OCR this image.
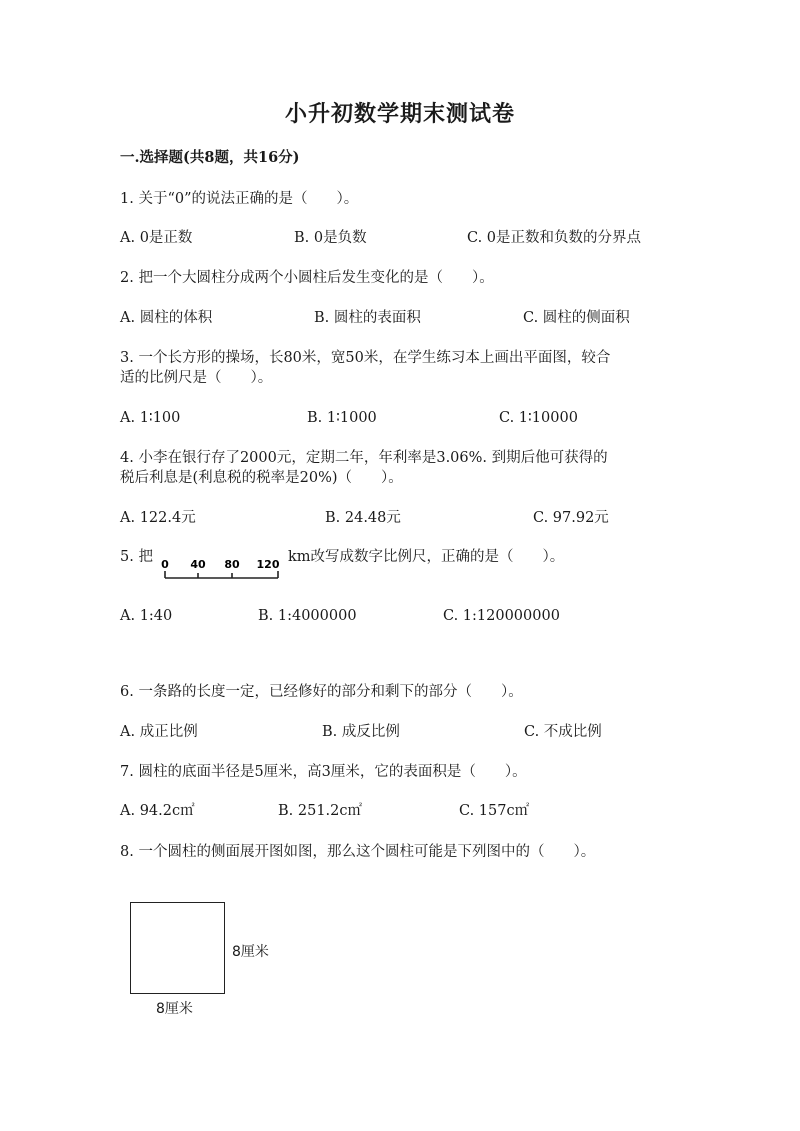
小升初数学期末测试卷
一.选择题(共8题，共16分)
1. 关于“0”的说法正确的是（　　）。
A. 0是正数	B. 0是负数	C. 0是正数和负数的分界点
2. 把一个大圆柱分成两个小圆柱后发生变化的是（　　）。
A. 圆柱的体积	B. 圆柱的表面积	C. 圆柱的侧面积
3. 一个长方形的操场，长80米，宽50米，在学生练习本上画出平面图，较合
适的比例尺是（　　）。
A. 1∶100	B. 1∶1000	C. 1∶10000
4. 小李在银行存了2000元，定期二年，年利率是3.06%. 到期后他可获得的
税后利息是(利息税的税率是20%)（　　）。
A. 122.4元	B. 24.48元	C. 97.92元
5. 把 0 40 80 120 km改写成数字比例尺，正确的是（　　）。
A. 1:40	B. 1:4000000	C. 1:120000000
6. 一条路的长度一定，已经修好的部分和剩下的部分（　　）。
A. 成正比例	B. 成反比例	C. 不成比例
7. 圆柱的底面半径是5厘米，高3厘米，它的表面积是（　　）。
A. 94.2c㎡	B. 251.2c㎡	C. 157c㎡
8. 一个圆柱的侧面展开图如图，那么这个圆柱可能是下列图中的（　　）。
8厘米
8厘米
